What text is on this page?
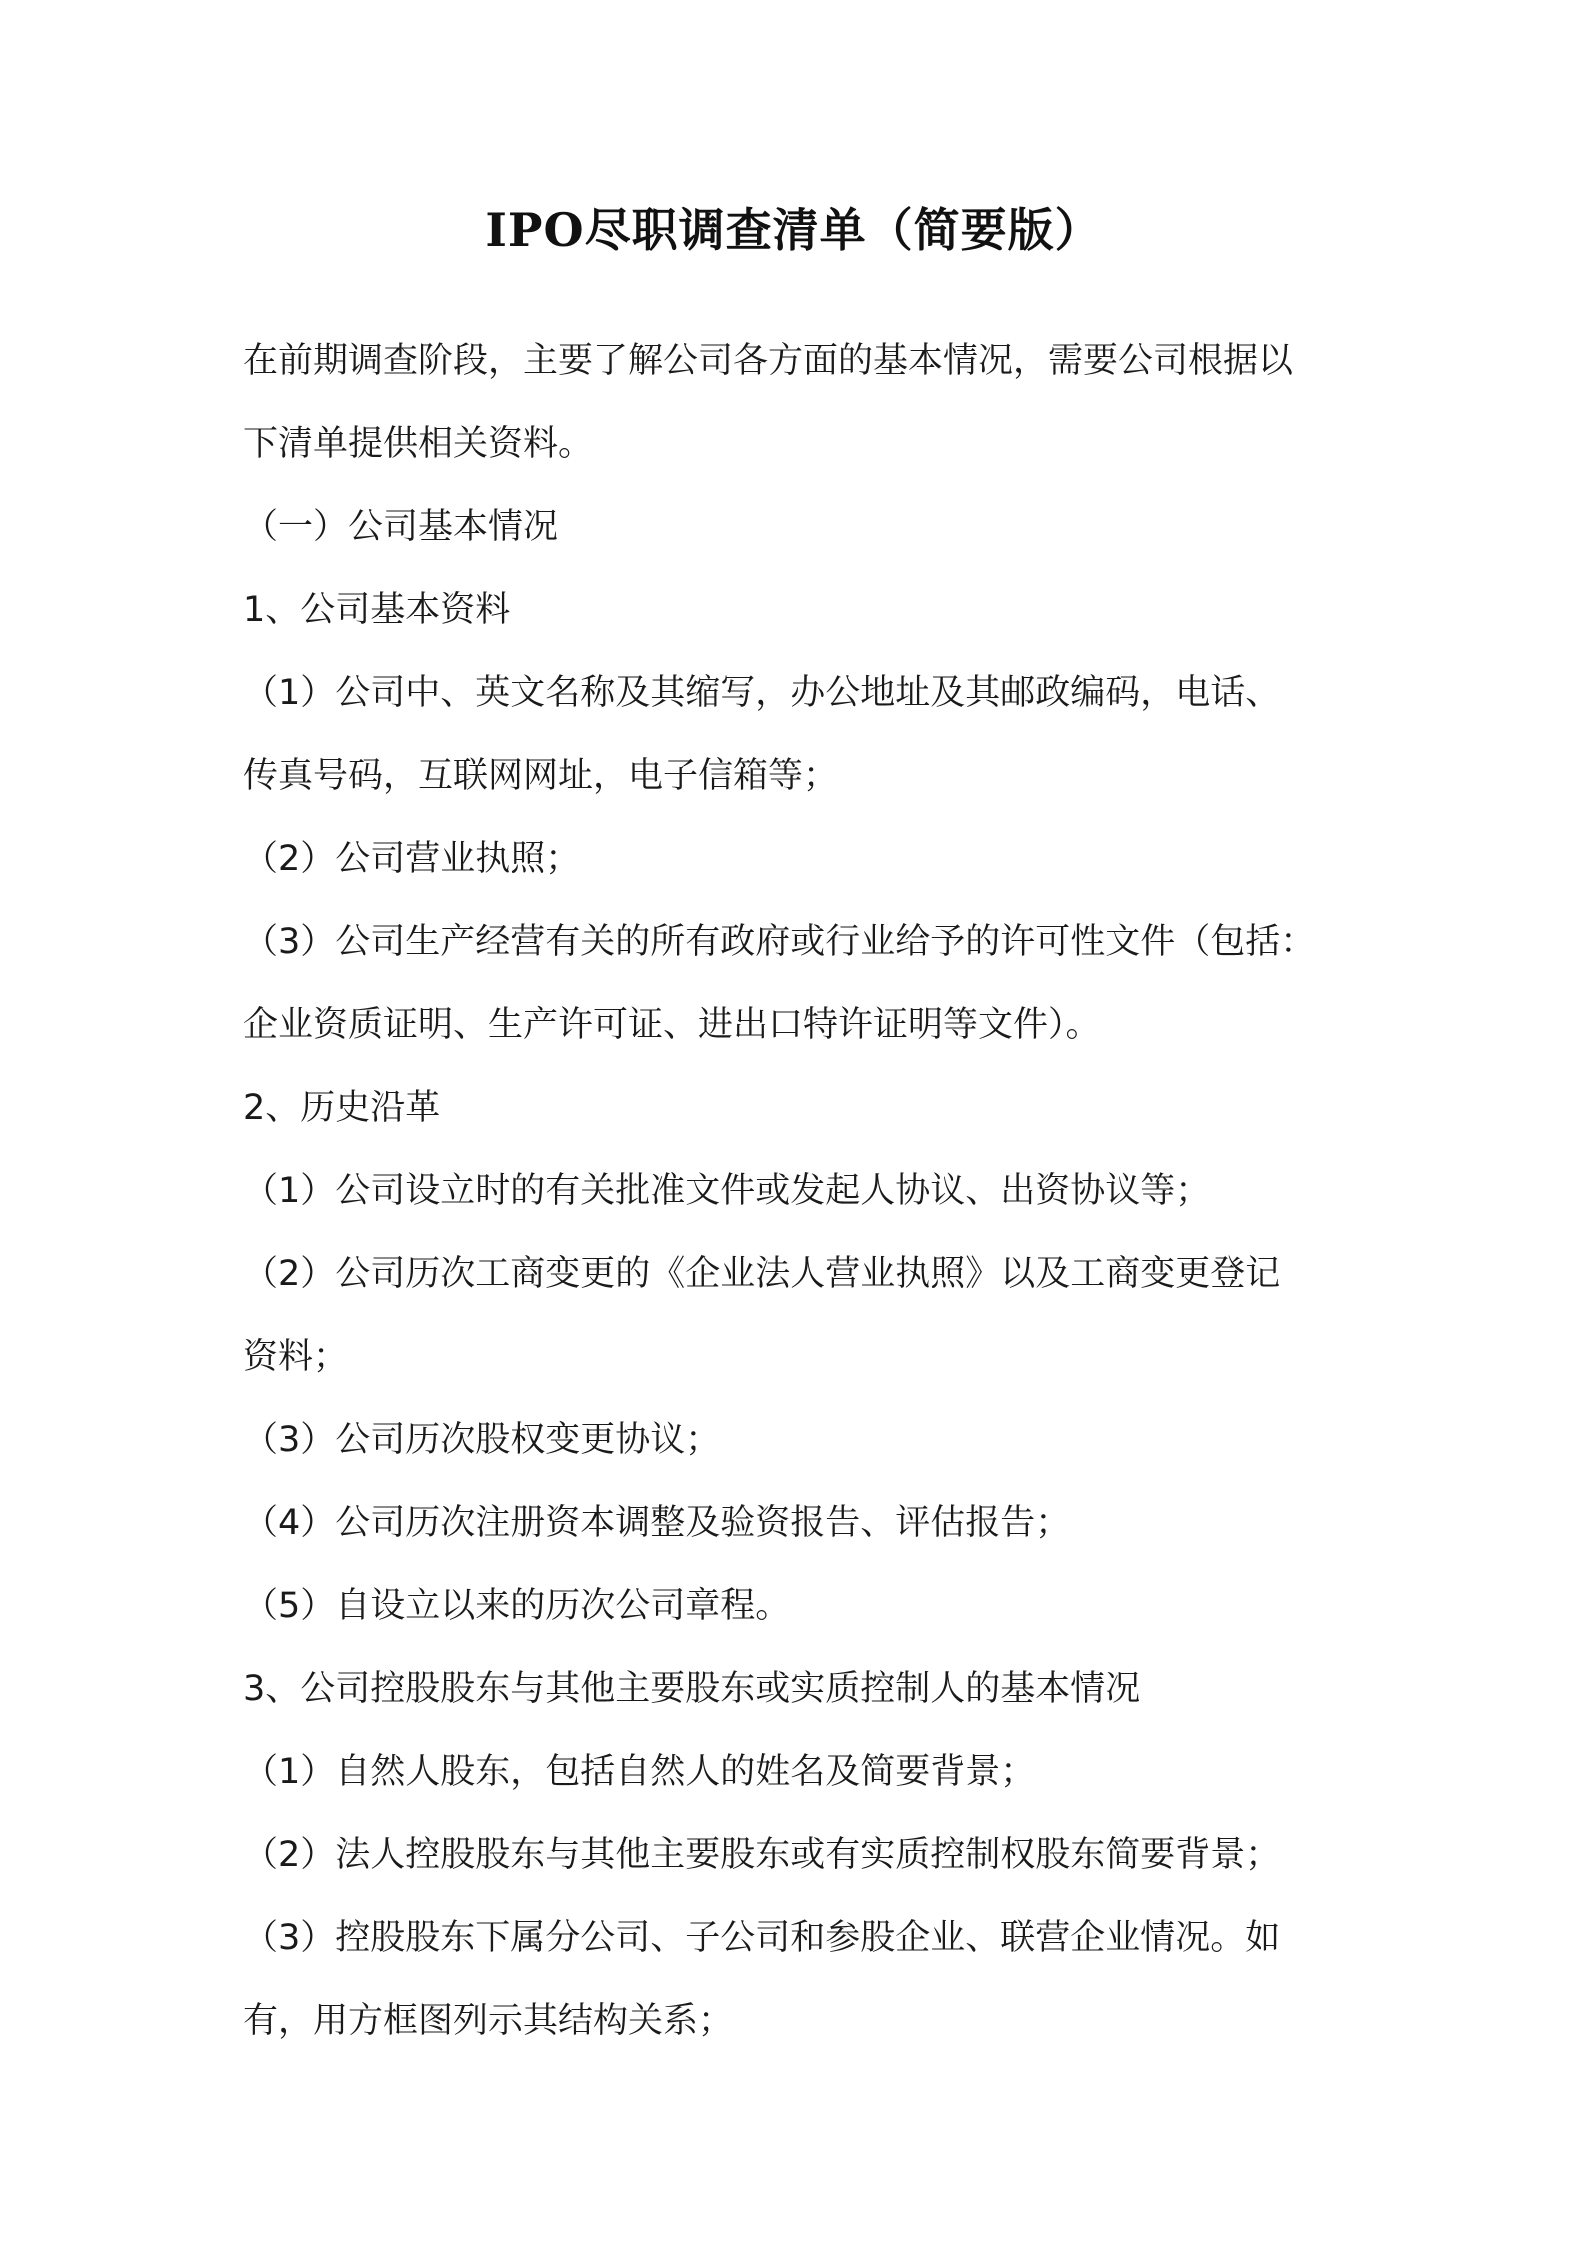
IPO尽职调查清单（简要版）
在前期调查阶段，主要了解公司各方面的基本情况，需要公司根据以
下清单提供相关资料。
（一）公司基本情况
1、公司基本资料
（1）公司中、英文名称及其缩写，办公地址及其邮政编码，电话、
传真号码，互联网网址，电子信箱等；
（2）公司营业执照；
（3）公司生产经营有关的所有政府或行业给予的许可性文件（包括：
企业资质证明、生产许可证、进出口特许证明等文件）。
2、历史沿革
（1）公司设立时的有关批准文件或发起人协议、出资协议等；
（2）公司历次工商变更的《企业法人营业执照》以及工商变更登记
资料；
（3）公司历次股权变更协议；
（4）公司历次注册资本调整及验资报告、评估报告；
（5）自设立以来的历次公司章程。
3、公司控股股东与其他主要股东或实质控制人的基本情况
（1）自然人股东，包括自然人的姓名及简要背景；
（2）法人控股股东与其他主要股东或有实质控制权股东简要背景；
（3）控股股东下属分公司、子公司和参股企业、联营企业情况。如
有，用方框图列示其结构关系；
